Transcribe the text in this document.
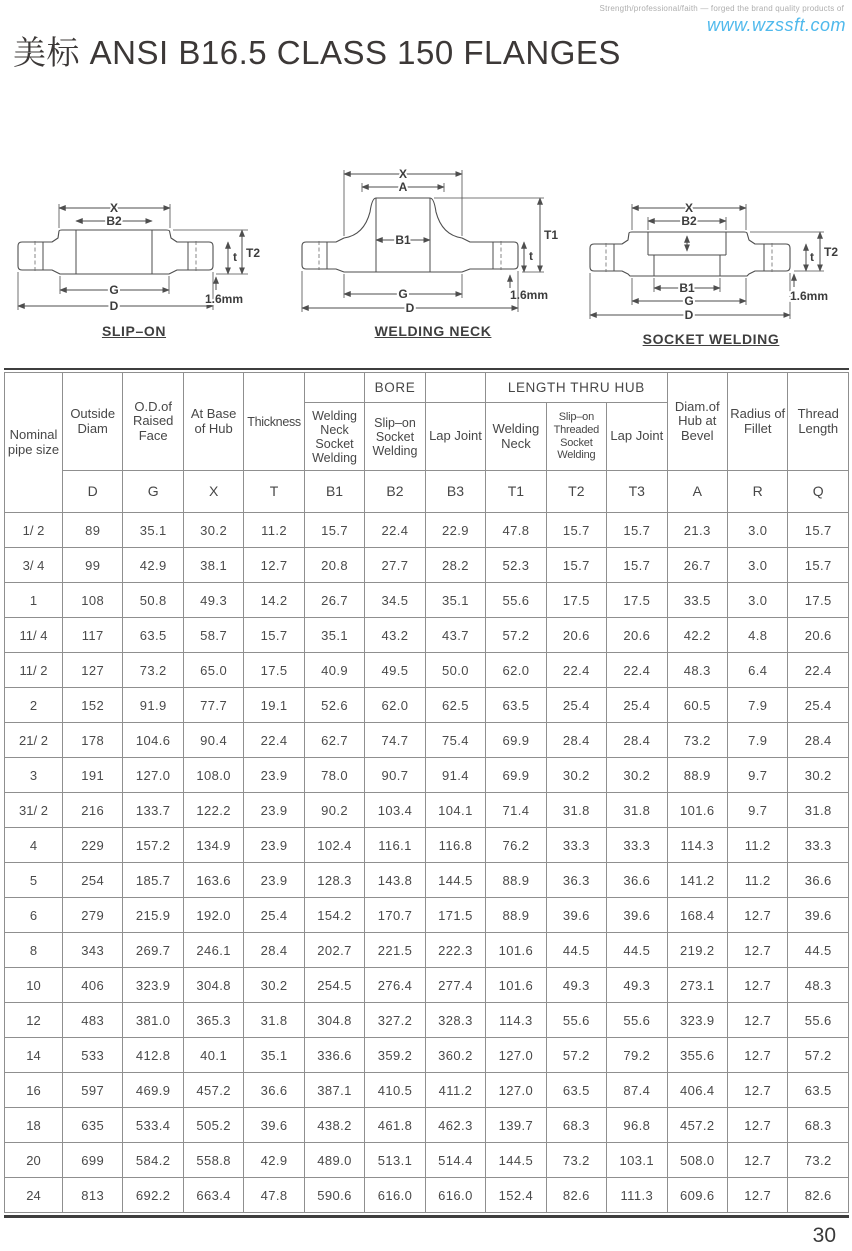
Strength/professional/faith — forged the brand quality products of
www.wzssft.com
美标 ANSI B16.5 CLASS 150 FLANGES
X
B2
G
D
T2
t
1.6mm
SLIP–ON
X
A
B1	T1
t
1.6mm
G
D
WELDING NECK
X
B2
B1
G
D
T2
t
1.6mm
SOCKET WELDING
Nominal pipe size	Outside Diam	O.D.of Raised Face	At Base of Hub	Thickness		BORE		LENGTH THRU HUB			Diam.of Hub at Bevel	Radius of Fillet	Thread Length
					Welding Neck Socket Welding	Slip–on Socket Welding	Lap Joint	Welding Neck	Slip–on Threaded Socket Welding	Lap Joint			
	D	G	X	T	B1	B2	B3	T1	T2	T3	A	R	Q
1/ 2	89	35.1	30.2	11.2	15.7	22.4	22.9	47.8	15.7	15.7	21.3	3.0	15.7
3/ 4	99	42.9	38.1	12.7	20.8	27.7	28.2	52.3	15.7	15.7	26.7	3.0	15.7
1	108	50.8	49.3	14.2	26.7	34.5	35.1	55.6	17.5	17.5	33.5	3.0	17.5
11/ 4	117	63.5	58.7	15.7	35.1	43.2	43.7	57.2	20.6	20.6	42.2	4.8	20.6
11/ 2	127	73.2	65.0	17.5	40.9	49.5	50.0	62.0	22.4	22.4	48.3	6.4	22.4
2	152	91.9	77.7	19.1	52.6	62.0	62.5	63.5	25.4	25.4	60.5	7.9	25.4
21/ 2	178	104.6	90.4	22.4	62.7	74.7	75.4	69.9	28.4	28.4	73.2	7.9	28.4
3	191	127.0	108.0	23.9	78.0	90.7	91.4	69.9	30.2	30.2	88.9	9.7	30.2
31/ 2	216	133.7	122.2	23.9	90.2	103.4	104.1	71.4	31.8	31.8	101.6	9.7	31.8
4	229	157.2	134.9	23.9	102.4	116.1	116.8	76.2	33.3	33.3	114.3	11.2	33.3
5	254	185.7	163.6	23.9	128.3	143.8	144.5	88.9	36.3	36.6	141.2	11.2	36.6
6	279	215.9	192.0	25.4	154.2	170.7	171.5	88.9	39.6	39.6	168.4	12.7	39.6
8	343	269.7	246.1	28.4	202.7	221.5	222.3	101.6	44.5	44.5	219.2	12.7	44.5
10	406	323.9	304.8	30.2	254.5	276.4	277.4	101.6	49.3	49.3	273.1	12.7	48.3
12	483	381.0	365.3	31.8	304.8	327.2	328.3	114.3	55.6	55.6	323.9	12.7	55.6
14	533	412.8	40.1	35.1	336.6	359.2	360.2	127.0	57.2	79.2	355.6	12.7	57.2
16	597	469.9	457.2	36.6	387.1	410.5	411.2	127.0	63.5	87.4	406.4	12.7	63.5
18	635	533.4	505.2	39.6	438.2	461.8	462.3	139.7	68.3	96.8	457.2	12.7	68.3
20	699	584.2	558.8	42.9	489.0	513.1	514.4	144.5	73.2	103.1	508.0	12.7	73.2
24	813	692.2	663.4	47.8	590.6	616.0	616.0	152.4	82.6	111.3	609.6	12.7	82.6
30
